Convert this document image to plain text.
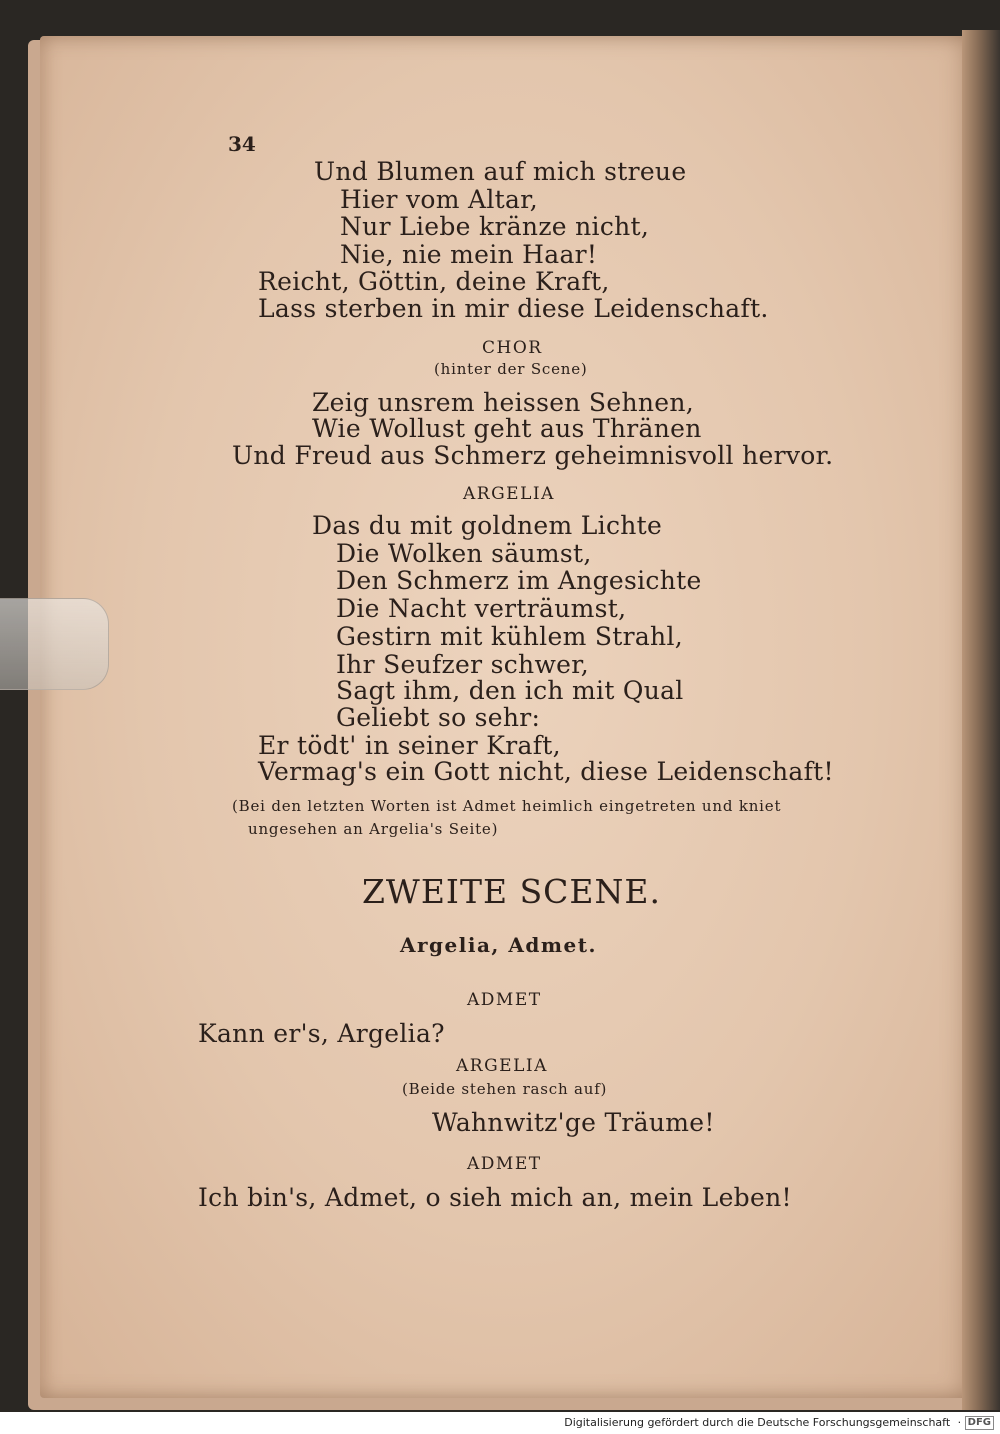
34
Und Blumen auf mich streue
Hier vom Altar,
Nur Liebe kränze nicht,
Nie, nie mein Haar!
Reicht, Göttin, deine Kraft,
Lass sterben in mir diese Leidenschaft.
CHOR
(hinter der Scene)
Zeig unsrem heissen Sehnen,
Wie Wollust geht aus Thränen
Und Freud aus Schmerz geheimnisvoll hervor.
ARGELIA
Das du mit goldnem Lichte
Die Wolken säumst,
Den Schmerz im Angesichte
Die Nacht verträumst,
Gestirn mit kühlem Strahl,
Ihr Seufzer schwer,
Sagt ihm, den ich mit Qual
Geliebt so sehr:
Er tödt' in seiner Kraft,
Vermag's ein Gott nicht, diese Leidenschaft!
(Bei den letzten Worten ist Admet heimlich eingetreten und kniet
ungesehen an Argelia's Seite)
ZWEITE SCENE.
Argelia, Admet.
ADMET
Kann er's, Argelia?
ARGELIA
(Beide stehen rasch auf)
Wahnwitz'ge Träume!
ADMET
Ich bin's, Admet, o sieh mich an, mein Leben!
Digitalisierung gefördert durch die Deutsche Forschungsgemeinschaft · DFG
